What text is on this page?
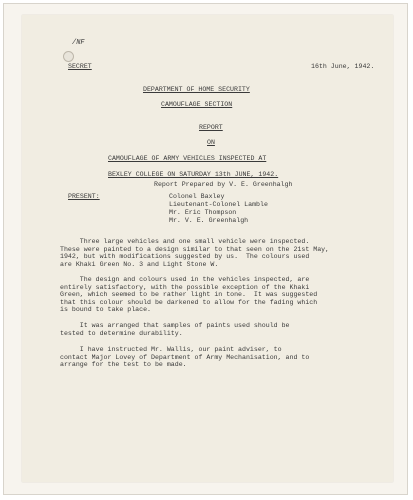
/NF
SECRET	16th June, 1942.
DEPARTMENT OF HOME SECURITY
CAMOUFLAGE SECTION
REPORT
ON
CAMOUFLAGE OF ARMY VEHICLES INSPECTED AT
BEXLEY COLLEGE ON SATURDAY 13th JUNE, 1942.
Report Prepared by V. E. Greenhalgh
PRESENT:	Colonel Baxley
Lieutenant-Colonel Lamble
Mr. Eric Thompson
Mr. V. E. Greenhalgh
Three large vehicles and one small vehicle were inspected.
These were painted to a design similar to that seen on the 21st May,
1942, but with modifications suggested by us.  The colours used
are Khaki Green No. 3 and Light Stone W.
The design and colours used in the vehicles inspected, are
entirely satisfactory, with the possible exception of the Khaki
Green, which seemed to be rather light in tone.  It was suggested
that this colour should be darkened to allow for the fading which
is bound to take place.
It was arranged that samples of paints used should be
tested to determine durability.
I have instructed Mr. Wallis, our paint adviser, to
contact Major Lovey of Department of Army Mechanisation, and to
arrange for the test to be made.
